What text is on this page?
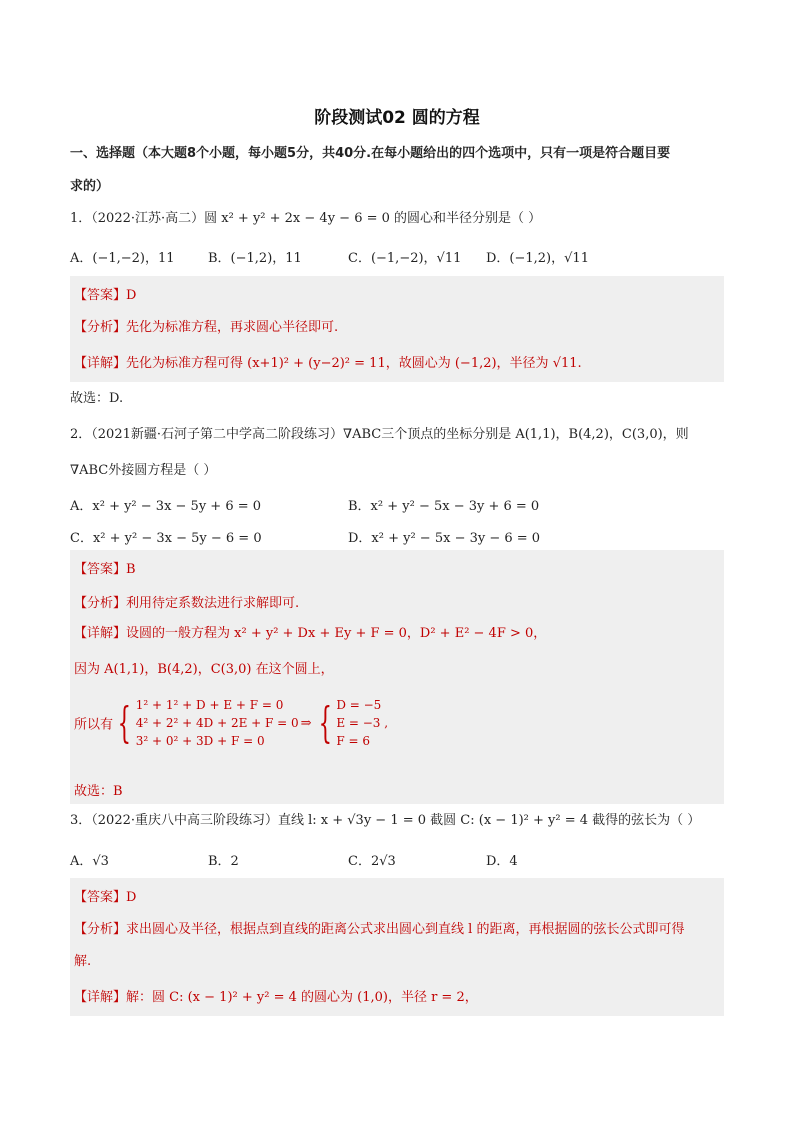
阶段测试02 圆的方程
一、选择题（本大题8个小题，每小题5分，共40分.在每小题给出的四个选项中，只有一项是符合题目要
求的）
1．（2022·江苏·高二）圆 x² + y² + 2x − 4y − 6 = 0 的圆心和半径分别是（ ）
A．(−1,−2)，11	B．(−1,2)，11	C．(−1,−2)，√11 D．(−1,2)，√11
【答案】D
【分析】先化为标准方程，再求圆心半径即可.
【详解】先化为标准方程可得 (x+1)² + (y−2)² = 11，故圆心为 (−1,2)，半径为 √11.
故选：D.
2．（2021新疆·石河子第二中学高二阶段练习）∇ABC三个顶点的坐标分别是 A(1,1)，B(4,2)，C(3,0)，则
∇ABC外接圆方程是（ ）
A．x² + y² − 3x − 5y + 6 = 0	B．x² + y² − 5x − 3y + 6 = 0
C．x² + y² − 3x − 5y − 6 = 0	D．x² + y² − 5x − 3y − 6 = 0
【答案】B
【分析】利用待定系数法进行求解即可.
【详解】设圆的一般方程为 x² + y² + Dx + Ey + F = 0，D² + E² − 4F > 0，
因为 A(1,1)，B(4,2)，C(3,0) 在这个圆上，
所以有 { 1² + 1² + D + E + F = 0
4² + 2² + 4D + 2E + F = 0
3² + 0² + 3D + F = 0
⇒ { D = −5
E = −3 ,
F = 6
故选：B
3．（2022·重庆八中高三阶段练习）直线 l: x + √3y − 1 = 0 截圆 C: (x − 1)² + y² = 4 截得的弦长为（ ）
A．√3	B．2	C．2√3	D．4
【答案】D
【分析】求出圆心及半径，根据点到直线的距离公式求出圆心到直线 l 的距离，再根据圆的弦长公式即可得
解.
【详解】解：圆 C: (x − 1)² + y² = 4 的圆心为 (1,0)，半径 r = 2，
